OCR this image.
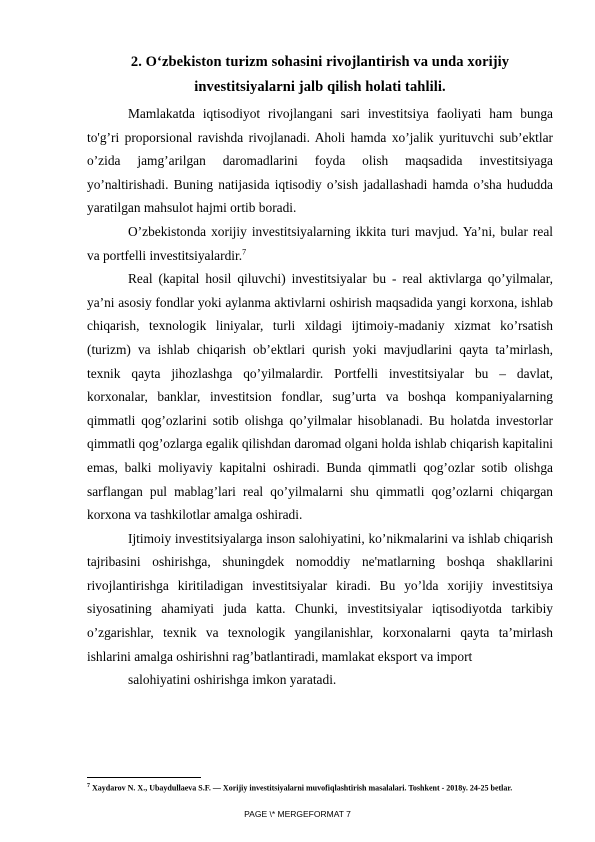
2. O‘zbekiston turizm sohasini rivojlantirish va unda xorijiy
investitsiyalarni jalb qilish holati tahlili.

Mamlakatda iqtisodiyot rivojlangani sari investitsiya faoliyati ham bunga to'g’ri proporsional ravishda rivojlanadi. Aholi hamda xo’jalik yurituvchi sub’ektlar o’zida jamg’arilgan daromadlarini foyda olish maqsadida investitsiyaga yo’naltirishadi. Buning natijasida iqtisodiy o’sish jadallashadi hamda o’sha hududda yaratilgan mahsulot hajmi ortib boradi.

O’zbekistonda xorijiy investitsiyalarning ikkita turi mavjud. Ya’ni, bular real va portfelli investitsiyalardir.$^7$

Real (kapital hosil qiluvchi) investitsiyalar bu - real aktivlarga qo’yilmalar, ya’ni asosiy fondlar yoki aylanma aktivlarni oshirish maqsadida yangi korxona, ishlab chiqarish, texnologik liniyalar, turli xildagi ijtimoiy-madaniy xizmat ko’rsatish (turizm) va ishlab chiqarish ob’ektlari qurish yoki mavjudlarini qayta ta’mirlash, texnik qayta jihozlashga qo’yilmalardir. Portfelli investitsiyalar bu – davlat, korxonalar, banklar, investitsion fondlar, sug’urta va boshqa kompaniyalarning qimmatli qog’ozlarini sotib olishga qo’yilmalar hisoblanadi. Bu holatda investorlar qimmatli qog’ozlarga egalik qilishdan daromad olgani holda ishlab chiqarish kapitalini emas, balki moliyaviy kapitalni oshiradi. Bunda qimmatli qog’ozlar sotib olishga sarflangan pul mablag’lari real qo’yilmalarni shu qimmatli qog’ozlarni chiqargan korxona va tashkilotlar amalga oshiradi.

Ijtimoiy investitsiyalarga inson salohiyatini, ko’nikmalarini va ishlab chiqarish tajribasini oshirishga, shuningdek nomoddiy ne'matlarning boshqa shakllarini rivojlantirishga kiritiladigan investitsiyalar kiradi. Bu yo’lda xorijiy investitsiya siyosatining ahamiyati juda katta. Chunki, investitsiyalar iqtisodiyotda tarkibiy o’zgarishlar, texnik va texnologik yangilanishlar, korxonalarni qayta ta’mirlash ishlarini amalga oshirishni rag’batlantiradi, mamlakat eksport va import

salohiyatini oshirishga imkon yaratadi.

$^7$ Xaydarov N. X., Ubaydullaeva S.F. — Xorijiy investitsiyalarni muvofiqlashtirish masalalari. Toshkent - 2018y. 24-25 betlar.
PAGE \* MERGEFORMAT 7
